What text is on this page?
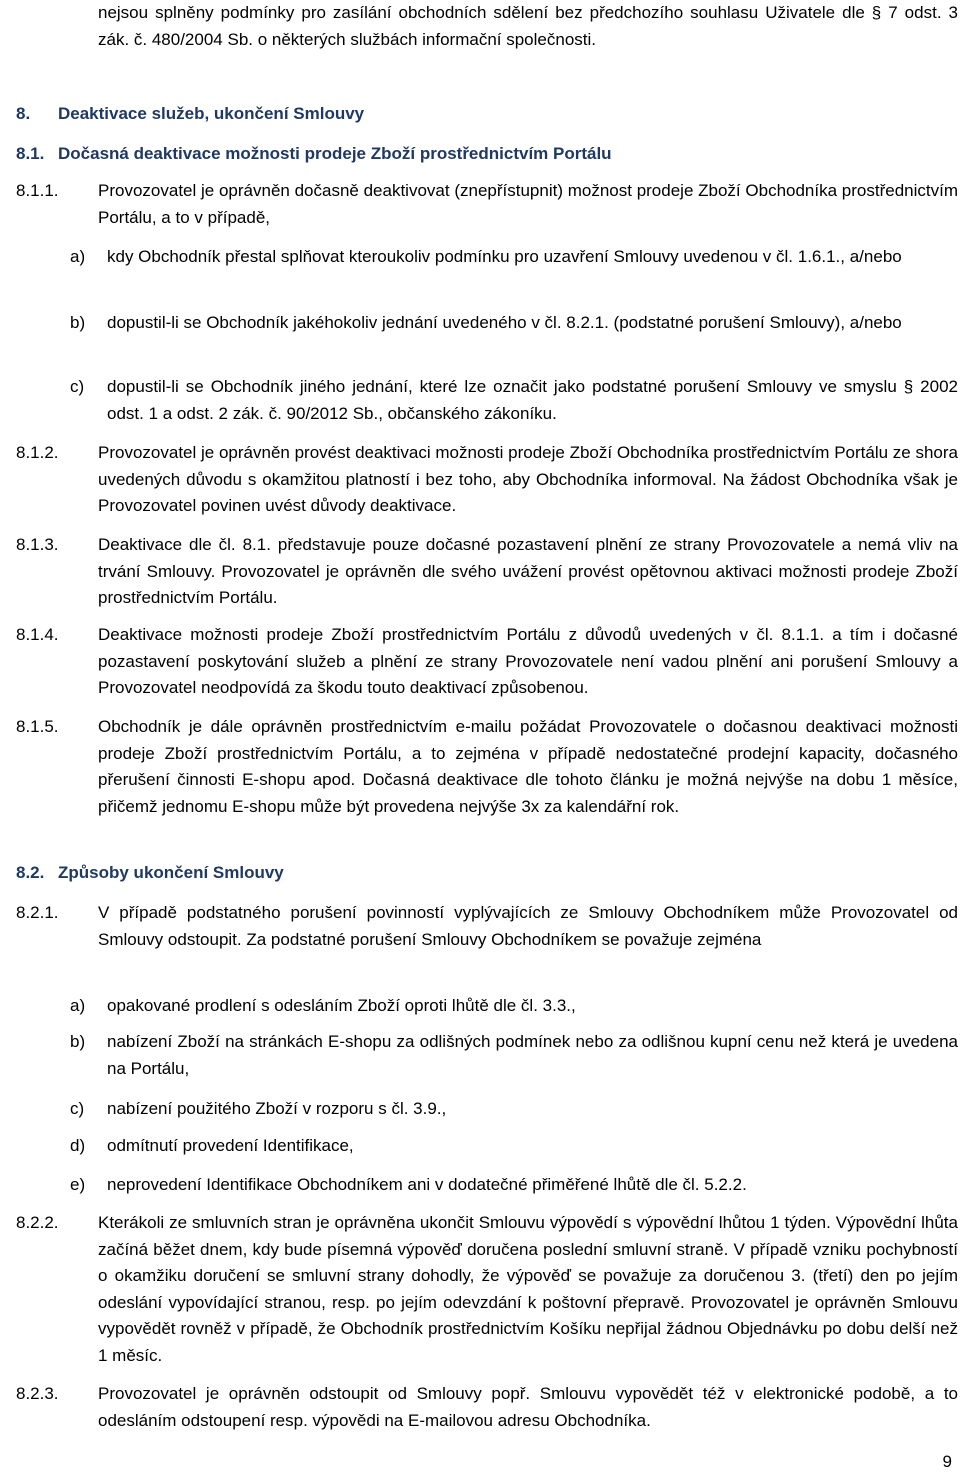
nejsou splněny podmínky pro zasílání obchodních sdělení bez předchozího souhlasu Uživatele dle § 7 odst. 3 zák. č. 480/2004 Sb. o některých službách informační společnosti.
8. Deaktivace služeb, ukončení Smlouvy
8.1. Dočasná deaktivace možnosti prodeje Zboží prostřednictvím Portálu
8.1.1. Provozovatel je oprávněn dočasně deaktivovat (znepřístupnit) možnost prodeje Zboží Obchodníka prostřednictvím Portálu, a to v případě,
a) kdy Obchodník přestal splňovat kteroukoliv podmínku pro uzavření Smlouvy uvedenou v čl. 1.6.1., a/nebo
b) dopustil-li se Obchodník jakéhokoliv jednání uvedeného v čl. 8.2.1. (podstatné porušení Smlouvy), a/nebo
c) dopustil-li se Obchodník jiného jednání, které lze označit jako podstatné porušení Smlouvy ve smyslu § 2002 odst. 1 a odst. 2 zák. č. 90/2012 Sb., občanského zákoníku.
8.1.2. Provozovatel je oprávněn provést deaktivaci možnosti prodeje Zboží Obchodníka prostřednictvím Portálu ze shora uvedených důvodu s okamžitou platností i bez toho, aby Obchodníka informoval. Na žádost Obchodníka však je Provozovatel povinen uvést důvody deaktivace.
8.1.3. Deaktivace dle čl. 8.1. představuje pouze dočasné pozastavení plnění ze strany Provozovatele a nemá vliv na trvání Smlouvy. Provozovatel je oprávněn dle svého uvážení provést opětovnou aktivaci možnosti prodeje Zboží prostřednictvím Portálu.
8.1.4. Deaktivace možnosti prodeje Zboží prostřednictvím Portálu z důvodů uvedených v čl. 8.1.1. a tím i dočasné pozastavení poskytování služeb a plnění ze strany Provozovatele není vadou plnění ani porušení Smlouvy a Provozovatel neodpovídá za škodu touto deaktivací způsobenou.
8.1.5. Obchodník je dále oprávněn prostřednictvím e-mailu požádat Provozovatele o dočasnou deaktivaci možnosti prodeje Zboží prostřednictvím Portálu, a to zejména v případě nedostatečné prodejní kapacity, dočasného přerušení činnosti E-shopu apod. Dočasná deaktivace dle tohoto článku je možná nejvýše na dobu 1 měsíce, přičemž jednomu E-shopu může být provedena nejvýše 3x za kalendářní rok.
8.2. Způsoby ukončení Smlouvy
8.2.1. V případě podstatného porušení povinností vyplývajících ze Smlouvy Obchodníkem může Provozovatel od Smlouvy odstoupit. Za podstatné porušení Smlouvy Obchodníkem se považuje zejména
a) opakované prodlení s odesláním Zboží oproti lhůtě dle čl. 3.3.,
b) nabízení Zboží na stránkách E-shopu za odlišných podmínek nebo za odlišnou kupní cenu než která je uvedena na Portálu,
c) nabízení použitého Zboží v rozporu s čl. 3.9.,
d) odmítnutí provedení Identifikace,
e) neprovedení Identifikace Obchodníkem ani v dodatečné přiměřené lhůtě dle čl. 5.2.2.
8.2.2. Kterákoli ze smluvních stran je oprávněna ukončit Smlouvu výpovědí s výpovědní lhůtou 1 týden. Výpovědní lhůta začíná běžet dnem, kdy bude písemná výpověď doručena poslední smluvní straně. V případě vzniku pochybností o okamžiku doručení se smluvní strany dohodly, že výpověď se považuje za doručenou 3. (třetí) den po jejím odeslání vypovídající stranou, resp. po jejím odevzdání k poštovní přepravě. Provozovatel je oprávněn Smlouvu vypovědět rovněž v případě, že Obchodník prostřednictvím Košíku nepřijal žádnou Objednávku po dobu delší než 1 měsíc.
8.2.3. Provozovatel je oprávněn odstoupit od Smlouvy popř. Smlouvu vypovědět též v elektronické podobě, a to odesláním odstoupení resp. výpovědi na E-mailovou adresu Obchodníka.
9
